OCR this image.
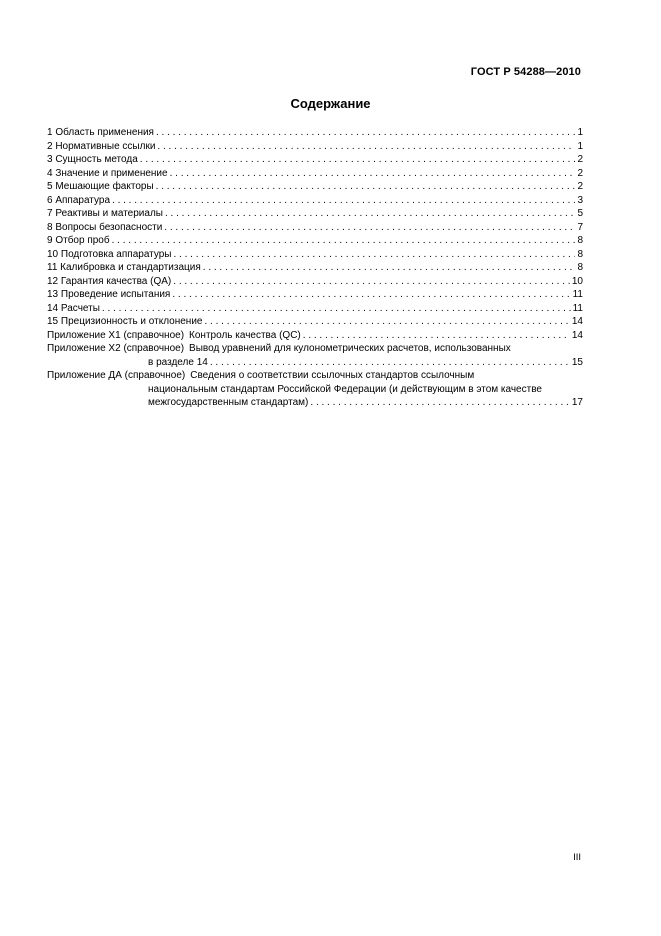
ГОСТ Р 54288—2010
Содержание
1 Область применения . . .	1
2 Нормативные ссылки . . .	1
3 Сущность метода . . .	2
4 Значение и применение . . .	2
5 Мешающие факторы . . .	2
6 Аппаратура . . .	3
7 Реактивы и материалы . . .	5
8 Вопросы безопасности . . .	7
9 Отбор проб . . .	8
10 Подготовка аппаратуры . . .	8
11 Калибровка и стандартизация . . .	8
12 Гарантия качества (QA) . . .	10
13 Проведение испытания . . .	11
14 Расчеты . . .	11
15 Прецизионность и отклонение . . .	14
Приложение Х1 (справочное) Контроль качества (QC) . . .	14
Приложение Х2 (справочное) Вывод уравнений для кулонометрических расчетов, использованных
в разделе 14 . . .	15
Приложение ДА (справочное) Сведения о соответствии ссылочных стандартов ссылочным
национальным стандартам Российской Федерации (и действующим в этом качестве
межгосударственным стандартам) . . .	17
III
